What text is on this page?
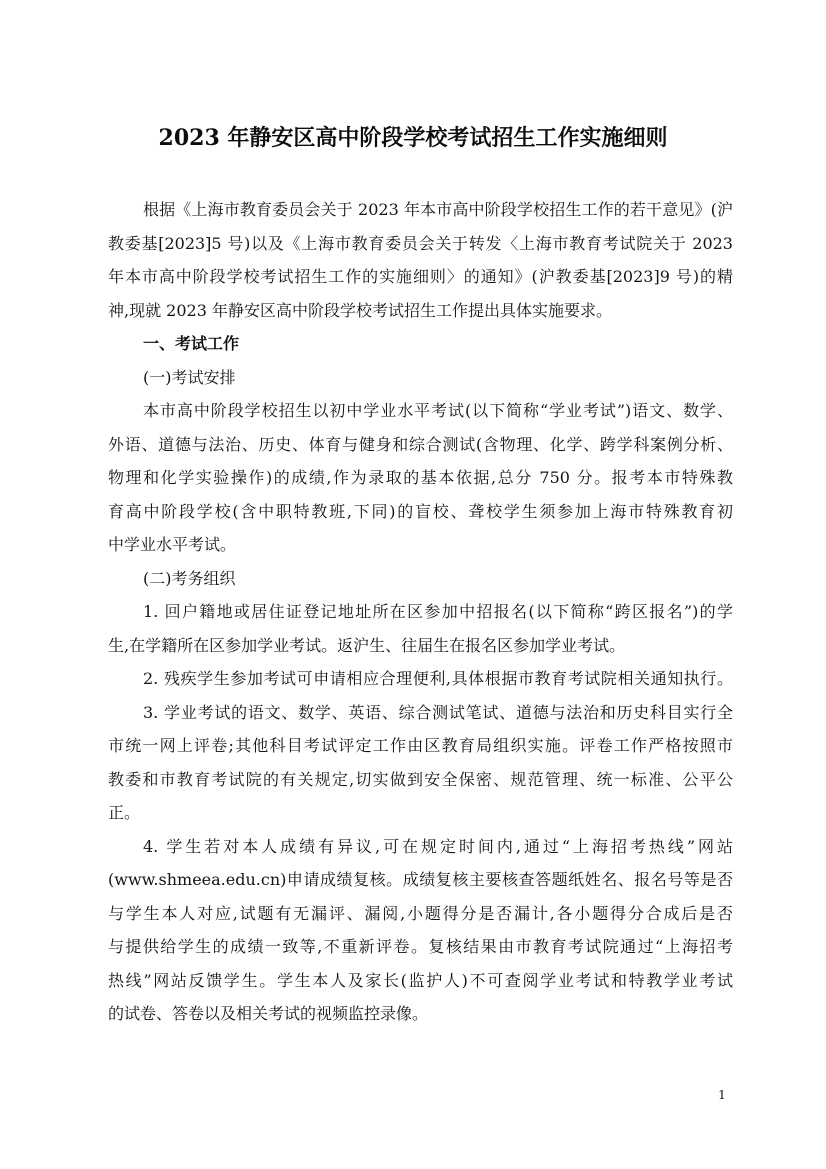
2023 年静安区高中阶段学校考试招生工作实施细则
根据《上海市教育委员会关于 2023 年本市高中阶段学校招生工作的若干意见》(沪
教委基[2023]5 号)以及《上海市教育委员会关于转发〈上海市教育考试院关于 2023
年本市高中阶段学校考试招生工作的实施细则〉的通知》(沪教委基[2023]9 号)的精
神,现就 2023 年静安区高中阶段学校考试招生工作提出具体实施要求。
一、考试工作
(一)考试安排
本市高中阶段学校招生以初中学业水平考试(以下简称“学业考试”)语文、数学、
外语、道德与法治、历史、体育与健身和综合测试(含物理、化学、跨学科案例分析、
物理和化学实验操作)的成绩,作为录取的基本依据,总分 750 分。报考本市特殊教
育高中阶段学校(含中职特教班,下同)的盲校、聋校学生须参加上海市特殊教育初
中学业水平考试。
(二)考务组织
1. 回户籍地或居住证登记地址所在区参加中招报名(以下简称“跨区报名”)的学
生,在学籍所在区参加学业考试。返沪生、往届生在报名区参加学业考试。
2. 残疾学生参加考试可申请相应合理便利,具体根据市教育考试院相关通知执行。
3. 学业考试的语文、数学、英语、综合测试笔试、道德与法治和历史科目实行全
市统一网上评卷;其他科目考试评定工作由区教育局组织实施。评卷工作严格按照市
教委和市教育考试院的有关规定,切实做到安全保密、规范管理、统一标准、公平公
正。
4. 学生若对本人成绩有异议,可在规定时间内,通过“上海招考热线”网站
(www.shmeea.edu.cn)申请成绩复核。成绩复核主要核查答题纸姓名、报名号等是否
与学生本人对应,试题有无漏评、漏阅,小题得分是否漏计,各小题得分合成后是否
与提供给学生的成绩一致等,不重新评卷。复核结果由市教育考试院通过“上海招考
热线”网站反馈学生。学生本人及家长(监护人)不可查阅学业考试和特教学业考试
的试卷、答卷以及相关考试的视频监控录像。
1
